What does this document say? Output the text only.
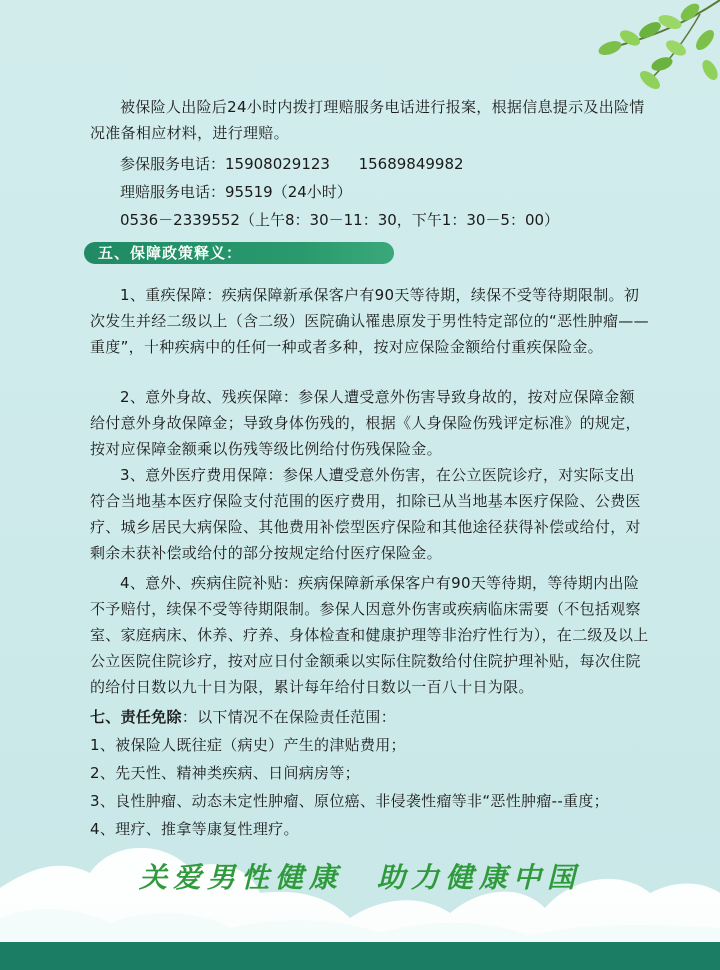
被保险人出险后24小时内拨打理赔服务电话进行报案，根据信息提示及出险情况准备相应材料，进行理赔。

参保服务电话：15908029123      15689849982

理赔服务电话：95519（24小时）

0536－2339552（上午8：30－11：30，下午1：30－5：00）

五、保障政策释义：

1、重疾保障：疾病保障新承保客户有90天等待期，续保不受等待期限制。初次发生并经二级以上（含二级）医院确认罹患原发于男性特定部位的“恶性肿瘤——重度”，十种疾病中的任何一种或者多种，按对应保险金额给付重疾保险金。

2、意外身故、残疾保障：参保人遭受意外伤害导致身故的，按对应保障金额给付意外身故保障金；导致身体伤残的，根据《人身保险伤残评定标准》的规定，按对应保障金额乘以伤残等级比例给付伤残保险金。

3、意外医疗费用保障：参保人遭受意外伤害，在公立医院诊疗，对实际支出符合当地基本医疗保险支付范围的医疗费用，扣除已从当地基本医疗保险、公费医疗、城乡居民大病保险、其他费用补偿型医疗保险和其他途径获得补偿或给付，对剩余未获补偿或给付的部分按规定给付医疗保险金。

4、意外、疾病住院补贴：疾病保障新承保客户有90天等待期，等待期内出险不予赔付，续保不受等待期限制。参保人因意外伤害或疾病临床需要（不包括观察室、家庭病床、休养、疗养、身体检查和健康护理等非治疗性行为），在二级及以上公立医院住院诊疗，按对应日付金额乘以实际住院数给付住院护理补贴，每次住院的给付日数以九十日为限，累计每年给付日数以一百八十日为限。

七、责任免除：以下情况不在保险责任范围：

1、被保险人既往症（病史）产生的津贴费用；

2、先天性、精神类疾病、日间病房等；

3、良性肿瘤、动态未定性肿瘤、原位癌、非侵袭性瘤等非“恶性肿瘤--重度；

4、理疗、推拿等康复性理疗。

关爱男性健康 助力健康中国
